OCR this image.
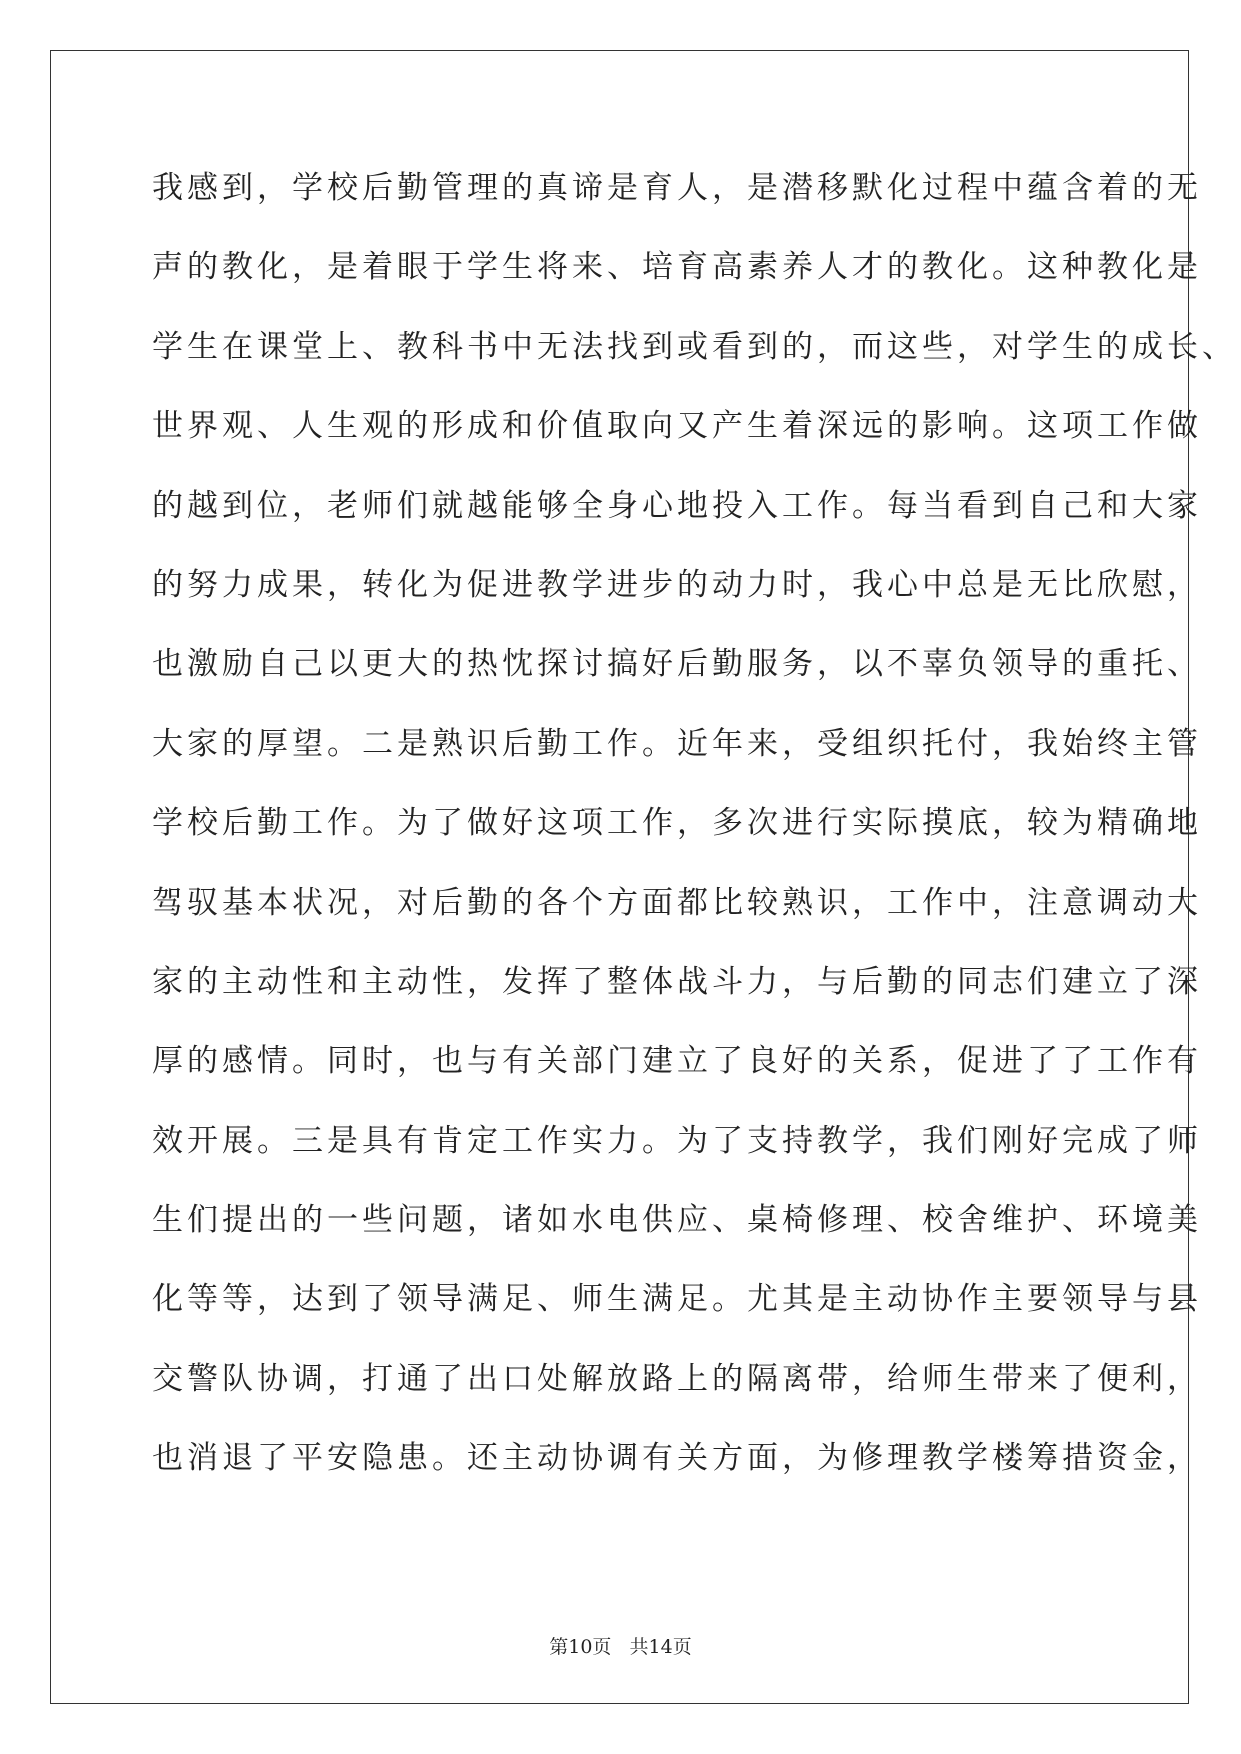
我感到，学校后勤管理的真谛是育人，是潜移默化过程中蕴含着的无
声的教化，是着眼于学生将来、培育高素养人才的教化。这种教化是
学生在课堂上、教科书中无法找到或看到的，而这些，对学生的成长、
世界观、人生观的形成和价值取向又产生着深远的影响。这项工作做
的越到位，老师们就越能够全身心地投入工作。每当看到自己和大家
的努力成果，转化为促进教学进步的动力时，我心中总是无比欣慰，
也激励自己以更大的热忱探讨搞好后勤服务，以不辜负领导的重托、
大家的厚望。二是熟识后勤工作。近年来，受组织托付，我始终主管
学校后勤工作。为了做好这项工作，多次进行实际摸底，较为精确地
驾驭基本状况，对后勤的各个方面都比较熟识，工作中，注意调动大
家的主动性和主动性，发挥了整体战斗力，与后勤的同志们建立了深
厚的感情。同时，也与有关部门建立了良好的关系，促进了了工作有
效开展。三是具有肯定工作实力。为了支持教学，我们刚好完成了师
生们提出的一些问题，诸如水电供应、桌椅修理、校舍维护、环境美
化等等，达到了领导满足、师生满足。尤其是主动协作主要领导与县
交警队协调，打通了出口处解放路上的隔离带，给师生带来了便利，
也消退了平安隐患。还主动协调有关方面，为修理教学楼筹措资金，
第10页   共14页
